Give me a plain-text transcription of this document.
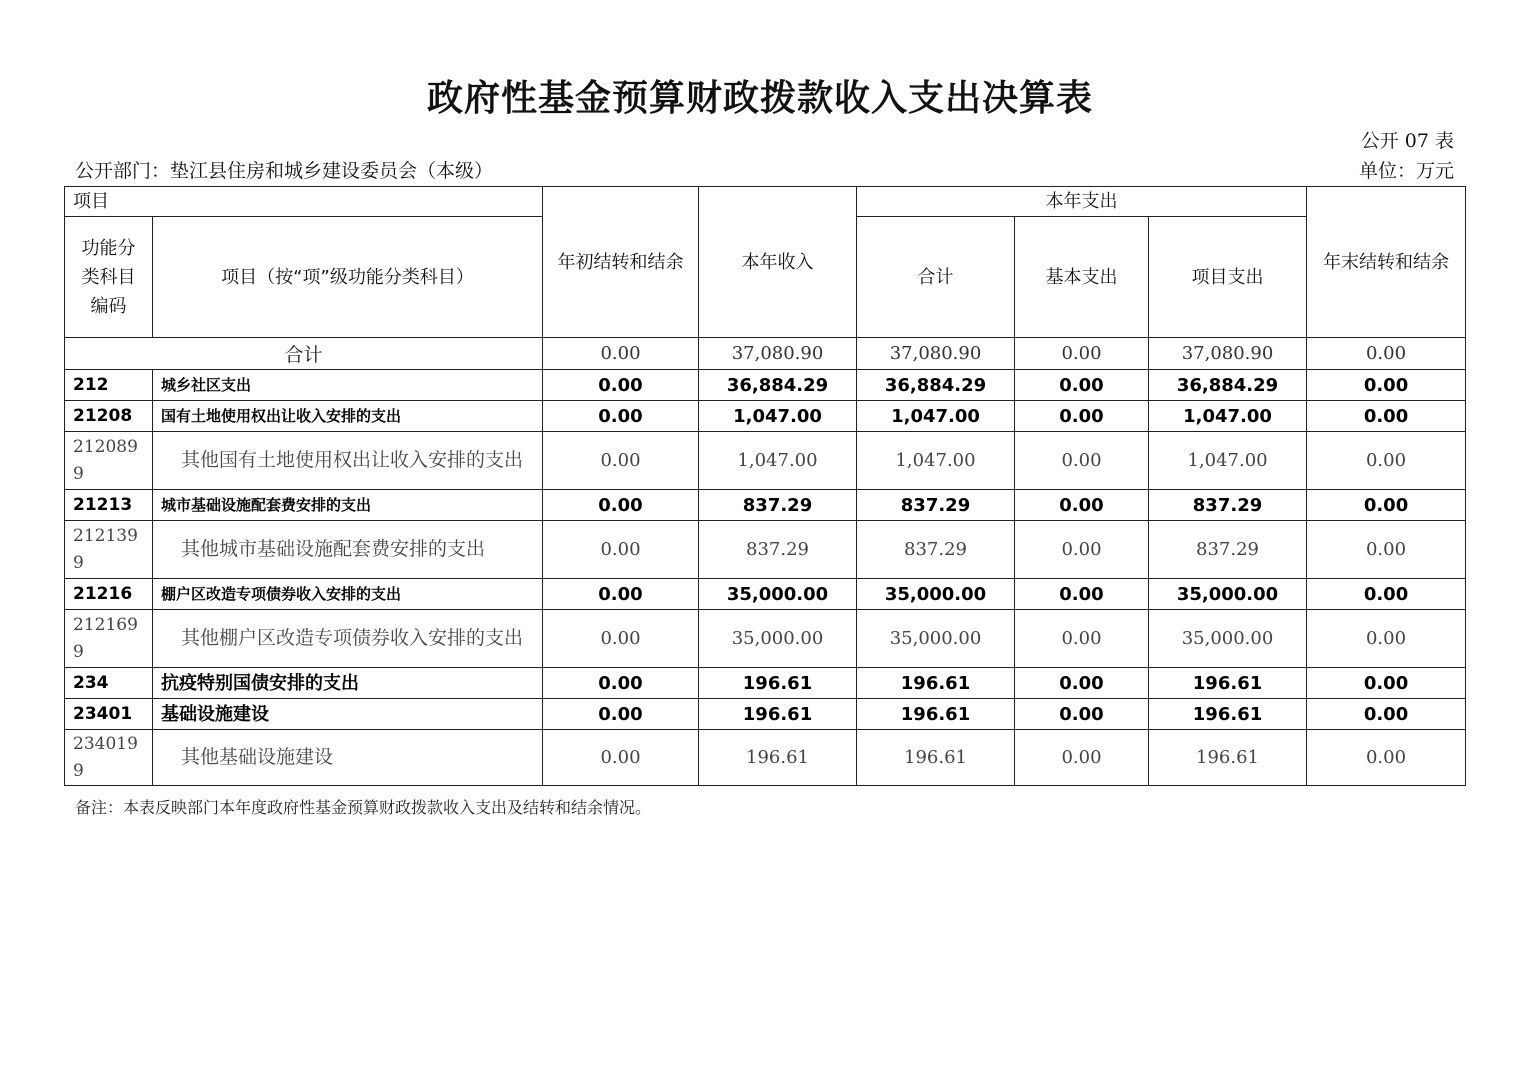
政府性基金预算财政拨款收入支出决算表
公开 07 表
公开部门：垫江县住房和城乡建设委员会（本级）	单位：万元
项目		年初结转和结余	本年收入	本年支出			年末结转和结余
功能分类科目编码	项目（按“项”级功能分类科目）			合计	基本支出	项目支出	
合计		0.00	37,080.90	37,080.90	0.00	37,080.90	0.00
212	城乡社区支出	0.00	36,884.29	36,884.29	0.00	36,884.29	0.00
21208	国有土地使用权出让收入安排的支出	0.00	1,047.00	1,047.00	0.00	1,047.00	0.00
2120899	其他国有土地使用权出让收入安排的支出	0.00	1,047.00	1,047.00	0.00	1,047.00	0.00
21213	城市基础设施配套费安排的支出	0.00	837.29	837.29	0.00	837.29	0.00
2121399	其他城市基础设施配套费安排的支出	0.00	837.29	837.29	0.00	837.29	0.00
21216	棚户区改造专项债券收入安排的支出	0.00	35,000.00	35,000.00	0.00	35,000.00	0.00
2121699	其他棚户区改造专项债券收入安排的支出	0.00	35,000.00	35,000.00	0.00	35,000.00	0.00
234	抗疫特别国债安排的支出	0.00	196.61	196.61	0.00	196.61	0.00
23401	基础设施建设	0.00	196.61	196.61	0.00	196.61	0.00
2340199	其他基础设施建设	0.00	196.61	196.61	0.00	196.61	0.00
备注：本表反映部门本年度政府性基金预算财政拨款收入支出及结转和结余情况。
